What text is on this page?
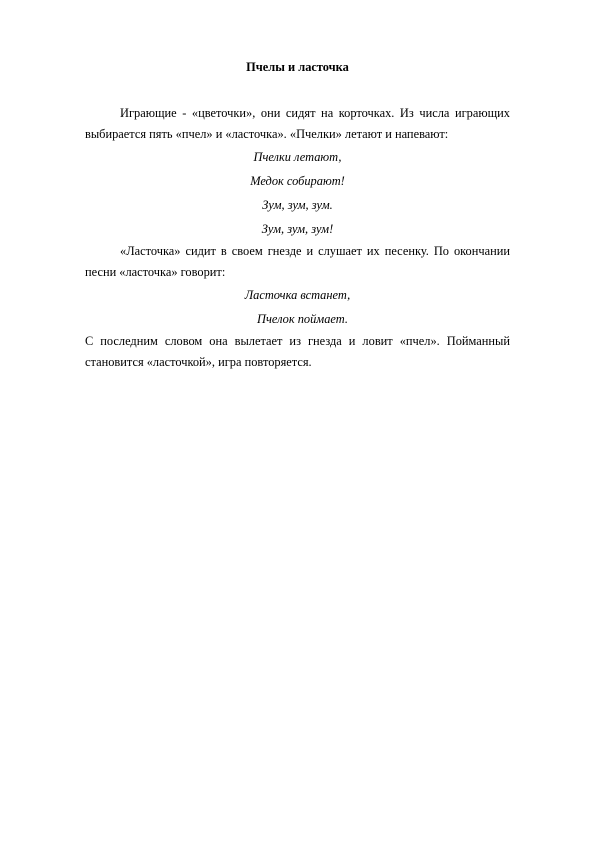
Пчелы и ласточка

Играющие - «цветочки», они сидят на корточках. Из числа играющих выбирается пять «пчел» и «ласточка». «Пчелки» летают и напевают:

Пчелки летают,

Медок собирают!

Зум, зум, зум.

Зум, зум, зум!

«Ласточка» сидит в своем гнезде и слушает их песенку. По окончании песни «ласточка» говорит:

Ласточка встанет,

Пчелок поймает.

С последним словом она вылетает из гнезда и ловит «пчел». Пойманный становится «ласточкой», игра повторяется.
